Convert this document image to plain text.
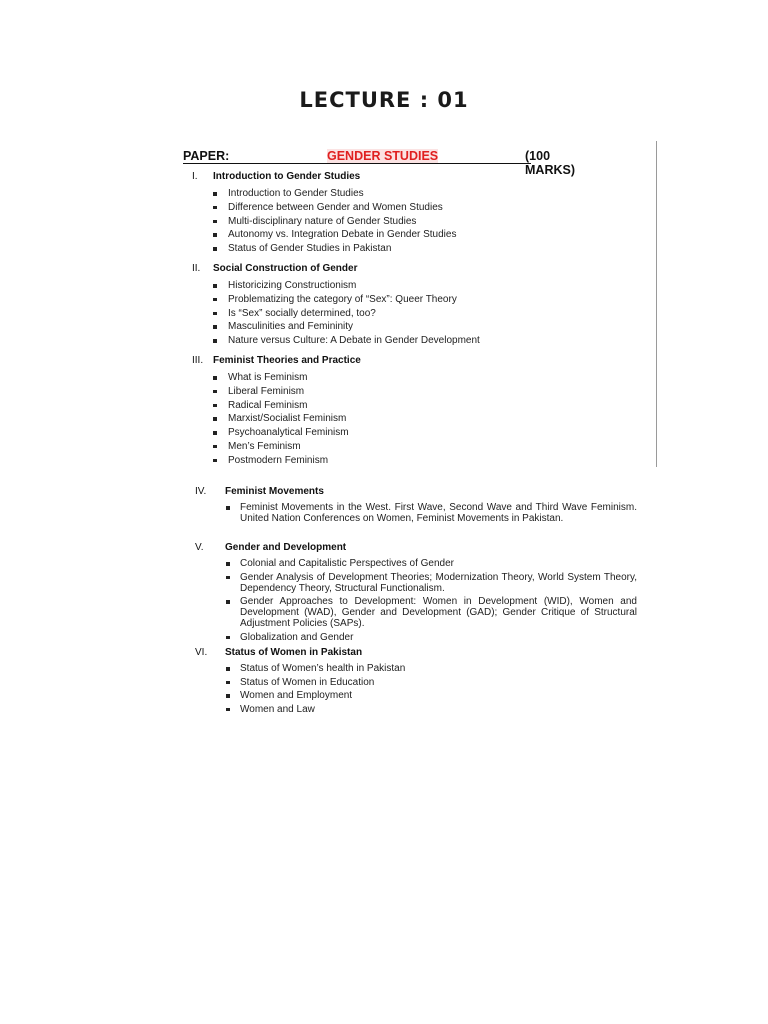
LECTURE : 01
PAPER:	GENDER STUDIES	(100 MARKS)
I. Introduction to Gender Studies
Introduction to Gender Studies
Difference between Gender and Women Studies
Multi-disciplinary nature of Gender Studies
Autonomy vs. Integration Debate in Gender Studies
Status of Gender Studies in Pakistan
II. Social Construction of Gender
Historicizing Constructionism
Problematizing the category of “Sex”: Queer Theory
Is “Sex” socially determined, too?
Masculinities and Femininity
Nature versus Culture: A Debate in Gender Development
III. Feminist Theories and Practice
What is Feminism
Liberal Feminism
Radical Feminism
Marxist/Socialist Feminism
Psychoanalytical Feminism
Men’s Feminism
Postmodern Feminism
IV. Feminist Movements
Feminist Movements in the West. First Wave, Second Wave and Third Wave Feminism. United Nation Conferences on Women, Feminist Movements in Pakistan.
V. Gender and Development
Colonial and Capitalistic Perspectives of Gender
Gender Analysis of Development Theories; Modernization Theory, World System Theory, Dependency Theory, Structural Functionalism.
Gender Approaches to Development: Women in Development (WID), Women and Development (WAD), Gender and Development (GAD); Gender Critique of Structural Adjustment Policies (SAPs).
Globalization and Gender
VI. Status of Women in Pakistan
Status of Women’s health in Pakistan
Status of Women in Education
Women and Employment
Women and Law
